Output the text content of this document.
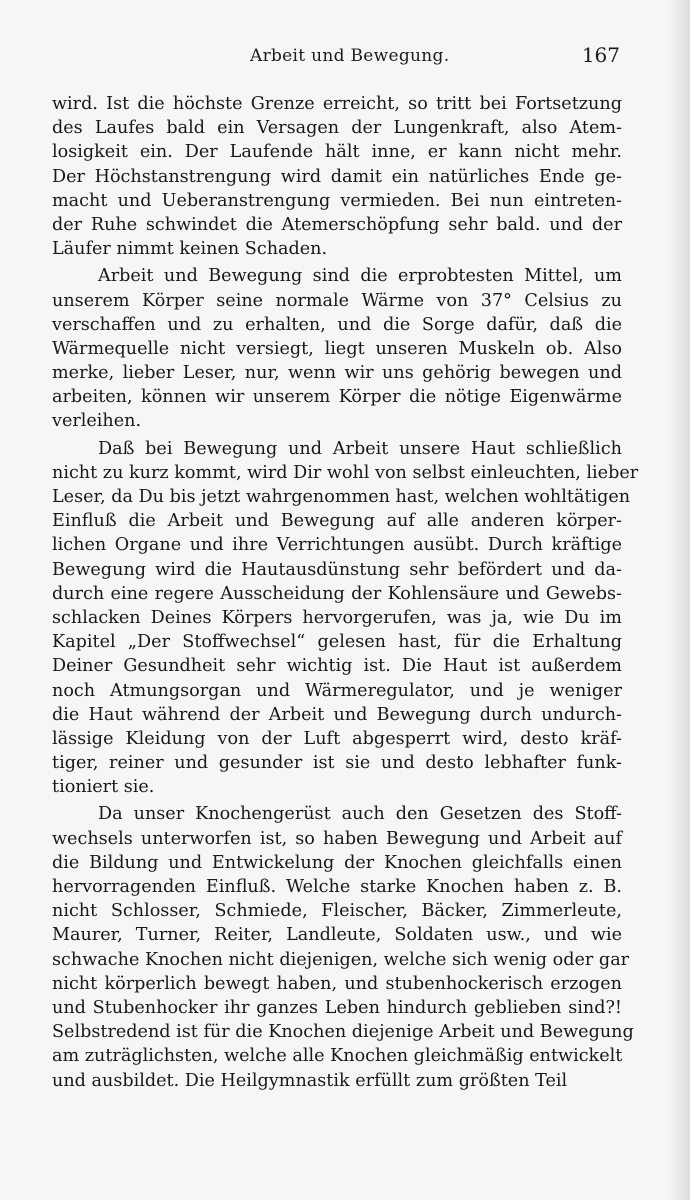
Arbeit und Bewegung.	167
wird. Ist die höchste Grenze erreicht, so tritt bei Fortsetzung
des Laufes bald ein Versagen der Lungenkraft, also Atem-
losigkeit ein. Der Laufende hält inne, er kann nicht mehr.
Der Höchstanstrengung wird damit ein natürliches Ende ge-
macht und Ueberanstrengung vermieden. Bei nun eintreten-
der Ruhe schwindet die Atemerschöpfung sehr bald. und der
Läufer nimmt keinen Schaden.
Arbeit und Bewegung sind die erprobtesten Mittel, um
unserem Körper seine normale Wärme von 37° Celsius zu
verschaffen und zu erhalten, und die Sorge dafür, daß die
Wärmequelle nicht versiegt, liegt unseren Muskeln ob. Also
merke, lieber Leser, nur, wenn wir uns gehörig bewegen und
arbeiten, können wir unserem Körper die nötige Eigenwärme
verleihen.
Daß bei Bewegung und Arbeit unsere Haut schließlich
nicht zu kurz kommt, wird Dir wohl von selbst einleuchten, lieber
Leser, da Du bis jetzt wahrgenommen hast, welchen wohltätigen
Einfluß die Arbeit und Bewegung auf alle anderen körper-
lichen Organe und ihre Verrichtungen ausübt. Durch kräftige
Bewegung wird die Hautausdünstung sehr befördert und da-
durch eine regere Ausscheidung der Kohlensäure und Gewebs-
schlacken Deines Körpers hervorgerufen, was ja, wie Du im
Kapitel „Der Stoffwechsel“ gelesen hast, für die Erhaltung
Deiner Gesundheit sehr wichtig ist. Die Haut ist außerdem
noch Atmungsorgan und Wärmeregulator, und je weniger
die Haut während der Arbeit und Bewegung durch undurch-
lässige Kleidung von der Luft abgesperrt wird, desto kräf-
tiger, reiner und gesunder ist sie und desto lebhafter funk-
tioniert sie.
Da unser Knochengerüst auch den Gesetzen des Stoff-
wechsels unterworfen ist, so haben Bewegung und Arbeit auf
die Bildung und Entwickelung der Knochen gleichfalls einen
hervorragenden Einfluß. Welche starke Knochen haben z. B.
nicht Schlosser, Schmiede, Fleischer, Bäcker, Zimmerleute,
Maurer, Turner, Reiter, Landleute, Soldaten usw., und wie
schwache Knochen nicht diejenigen, welche sich wenig oder gar
nicht körperlich bewegt haben, und stubenhockerisch erzogen
und Stubenhocker ihr ganzes Leben hindurch geblieben sind?!
Selbstredend ist für die Knochen diejenige Arbeit und Bewegung
am zuträglichsten, welche alle Knochen gleichmäßig entwickelt
und ausbildet. Die Heilgymnastik erfüllt zum größten Teil
